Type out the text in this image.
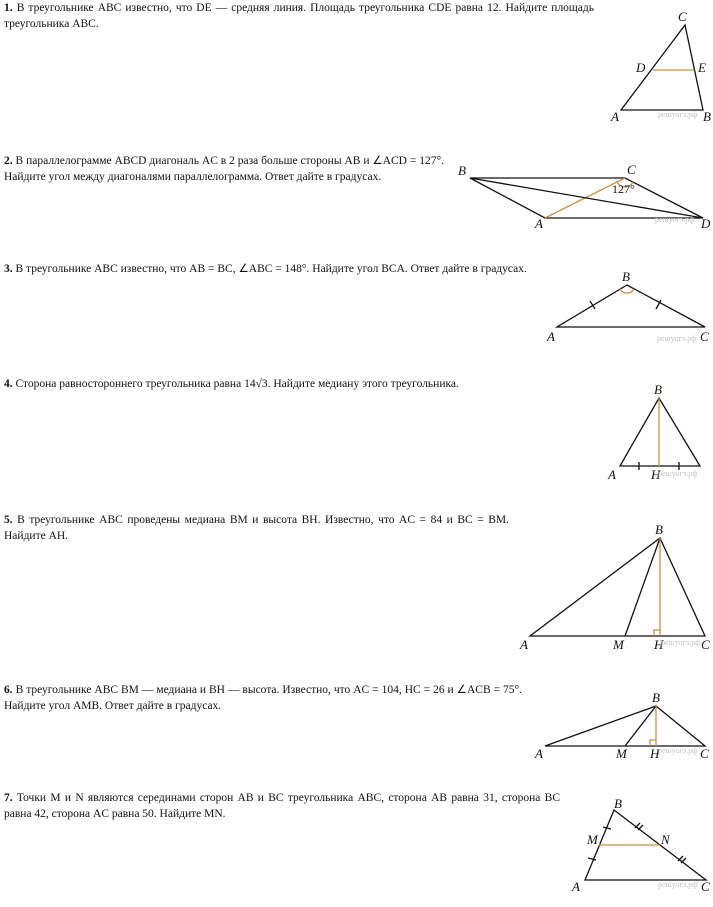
1. В треугольнике ABC известно, что DE — средняя линия. Площадь треугольника CDE равна 12. Найдите площадь треугольника ABC.
2. В параллелограмме ABCD диагональ AC в 2 раза больше стороны AB и ∠ACD = 127°. Найдите угол между диагоналями параллелограмма. Ответ дайте в градусах.
3. В треугольнике ABC известно, что AB = BC, ∠ABC = 148°. Найдите угол BCA. Ответ дайте в градусах.
4. Сторона равностороннего треугольника равна 14√3. Найдите медиану этого треугольника.
5. В треугольнике ABC проведены медиана BM и высота BH. Известно, что AC = 84 и BC = BM. Найдите AH.
6. В треугольнике ABC BM — медиана и BH — высота. Известно, что AC = 104, HC = 26 и ∠ACB = 75°. Найдите угол AMB. Ответ дайте в градусах.
7. Точки M и N являются серединами сторон AB и BC треугольника ABC, сторона AB равна 31, сторона BC равна 42, сторона AC равна 50. Найдите MN.
C
D	E
A	B
решуогэ.рф
B	C
A	D
127°
решуогэ.рф
B
A	C
решуогэ.рф
B
A	H
решуогэ.рф
B
A	M H	C
решуогэ.рф
B
A	M H	C
решуогэ.рф
B
M	N
A	C
решуогэ.рф
